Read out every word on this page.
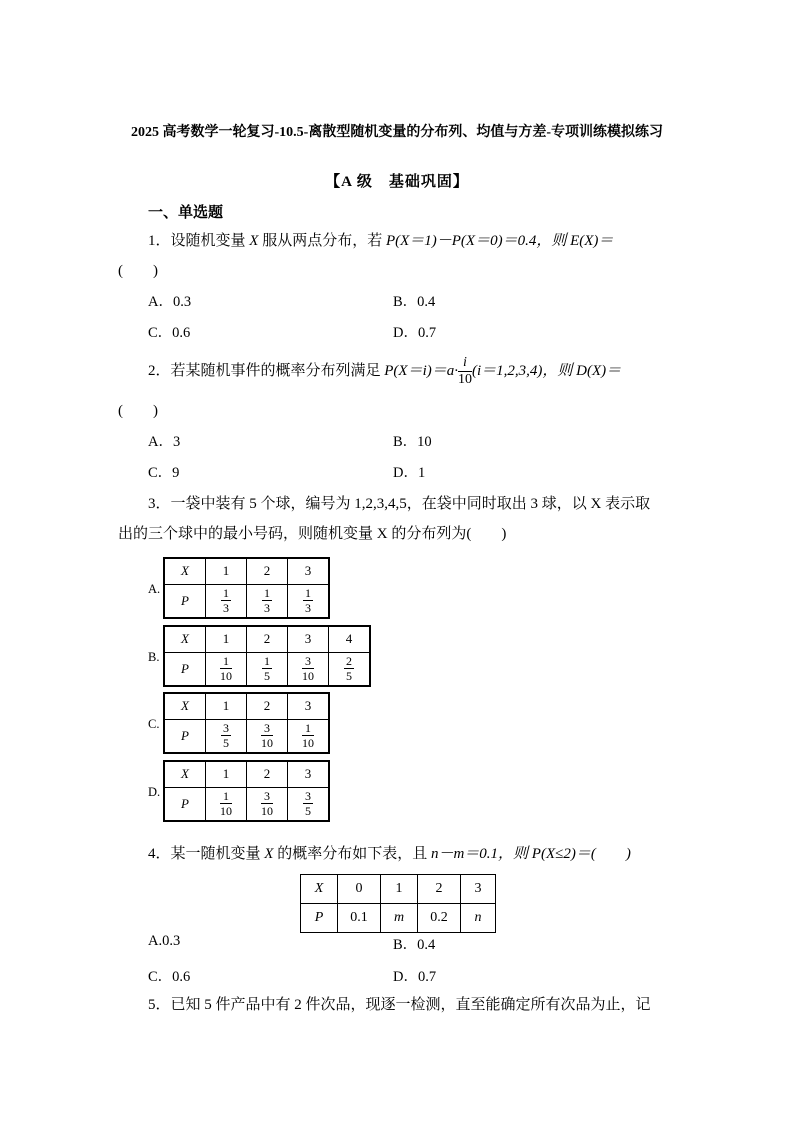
2025 高考数学一轮复习-10.5-离散型随机变量的分布列、均值与方差-专项训练模拟练习
【A 级　基础巩固】
一、单选题
1．设随机变量 X 服从两点分布，若 P(X＝1)－P(X＝0)＝0.4，则 E(X)＝
(　　)
A．0.3	B．0.4
C．0.6	D．0.7
2．若某随机事件的概率分布列满足 $P(X=i)=a\cdot \frac{i}{10} (i=1,2,3,4)$，则 D(X)＝
(　　)
A．3	B．10
C．9	D．1
3．一袋中装有 5 个球，编号为 1,2,3,4,5，在袋中同时取出 3 球，以 X 表示取
出的三个球中的最小号码，则随机变量 X 的分布列为(　　)
A.
X	1	2	3
P	$\frac{1}{3}$	$\frac{1}{3}$	$\frac{1}{3}$
B.
X	1	2	3	4
P	$\frac{1}{10}$	$\frac{1}{5}$	$\frac{3}{10}$	$\frac{2}{5}$
C.
X	1	2	3
P	$\frac{3}{5}$	$\frac{3}{10}$	$\frac{1}{10}$
D.
X	1	2	3
P	$\frac{1}{10}$	$\frac{3}{10}$	$\frac{3}{5}$
4．某一随机变量 X 的概率分布如下表，且 n－m＝0.1，则 P(X≤2)＝(　　)
X	0	1	2	3
P	0.1	m	0.2	n
A.0.3	B．0.4
C．0.6	D．0.7
5．已知 5 件产品中有 2 件次品，现逐一检测，直至能确定所有次品为止，记
